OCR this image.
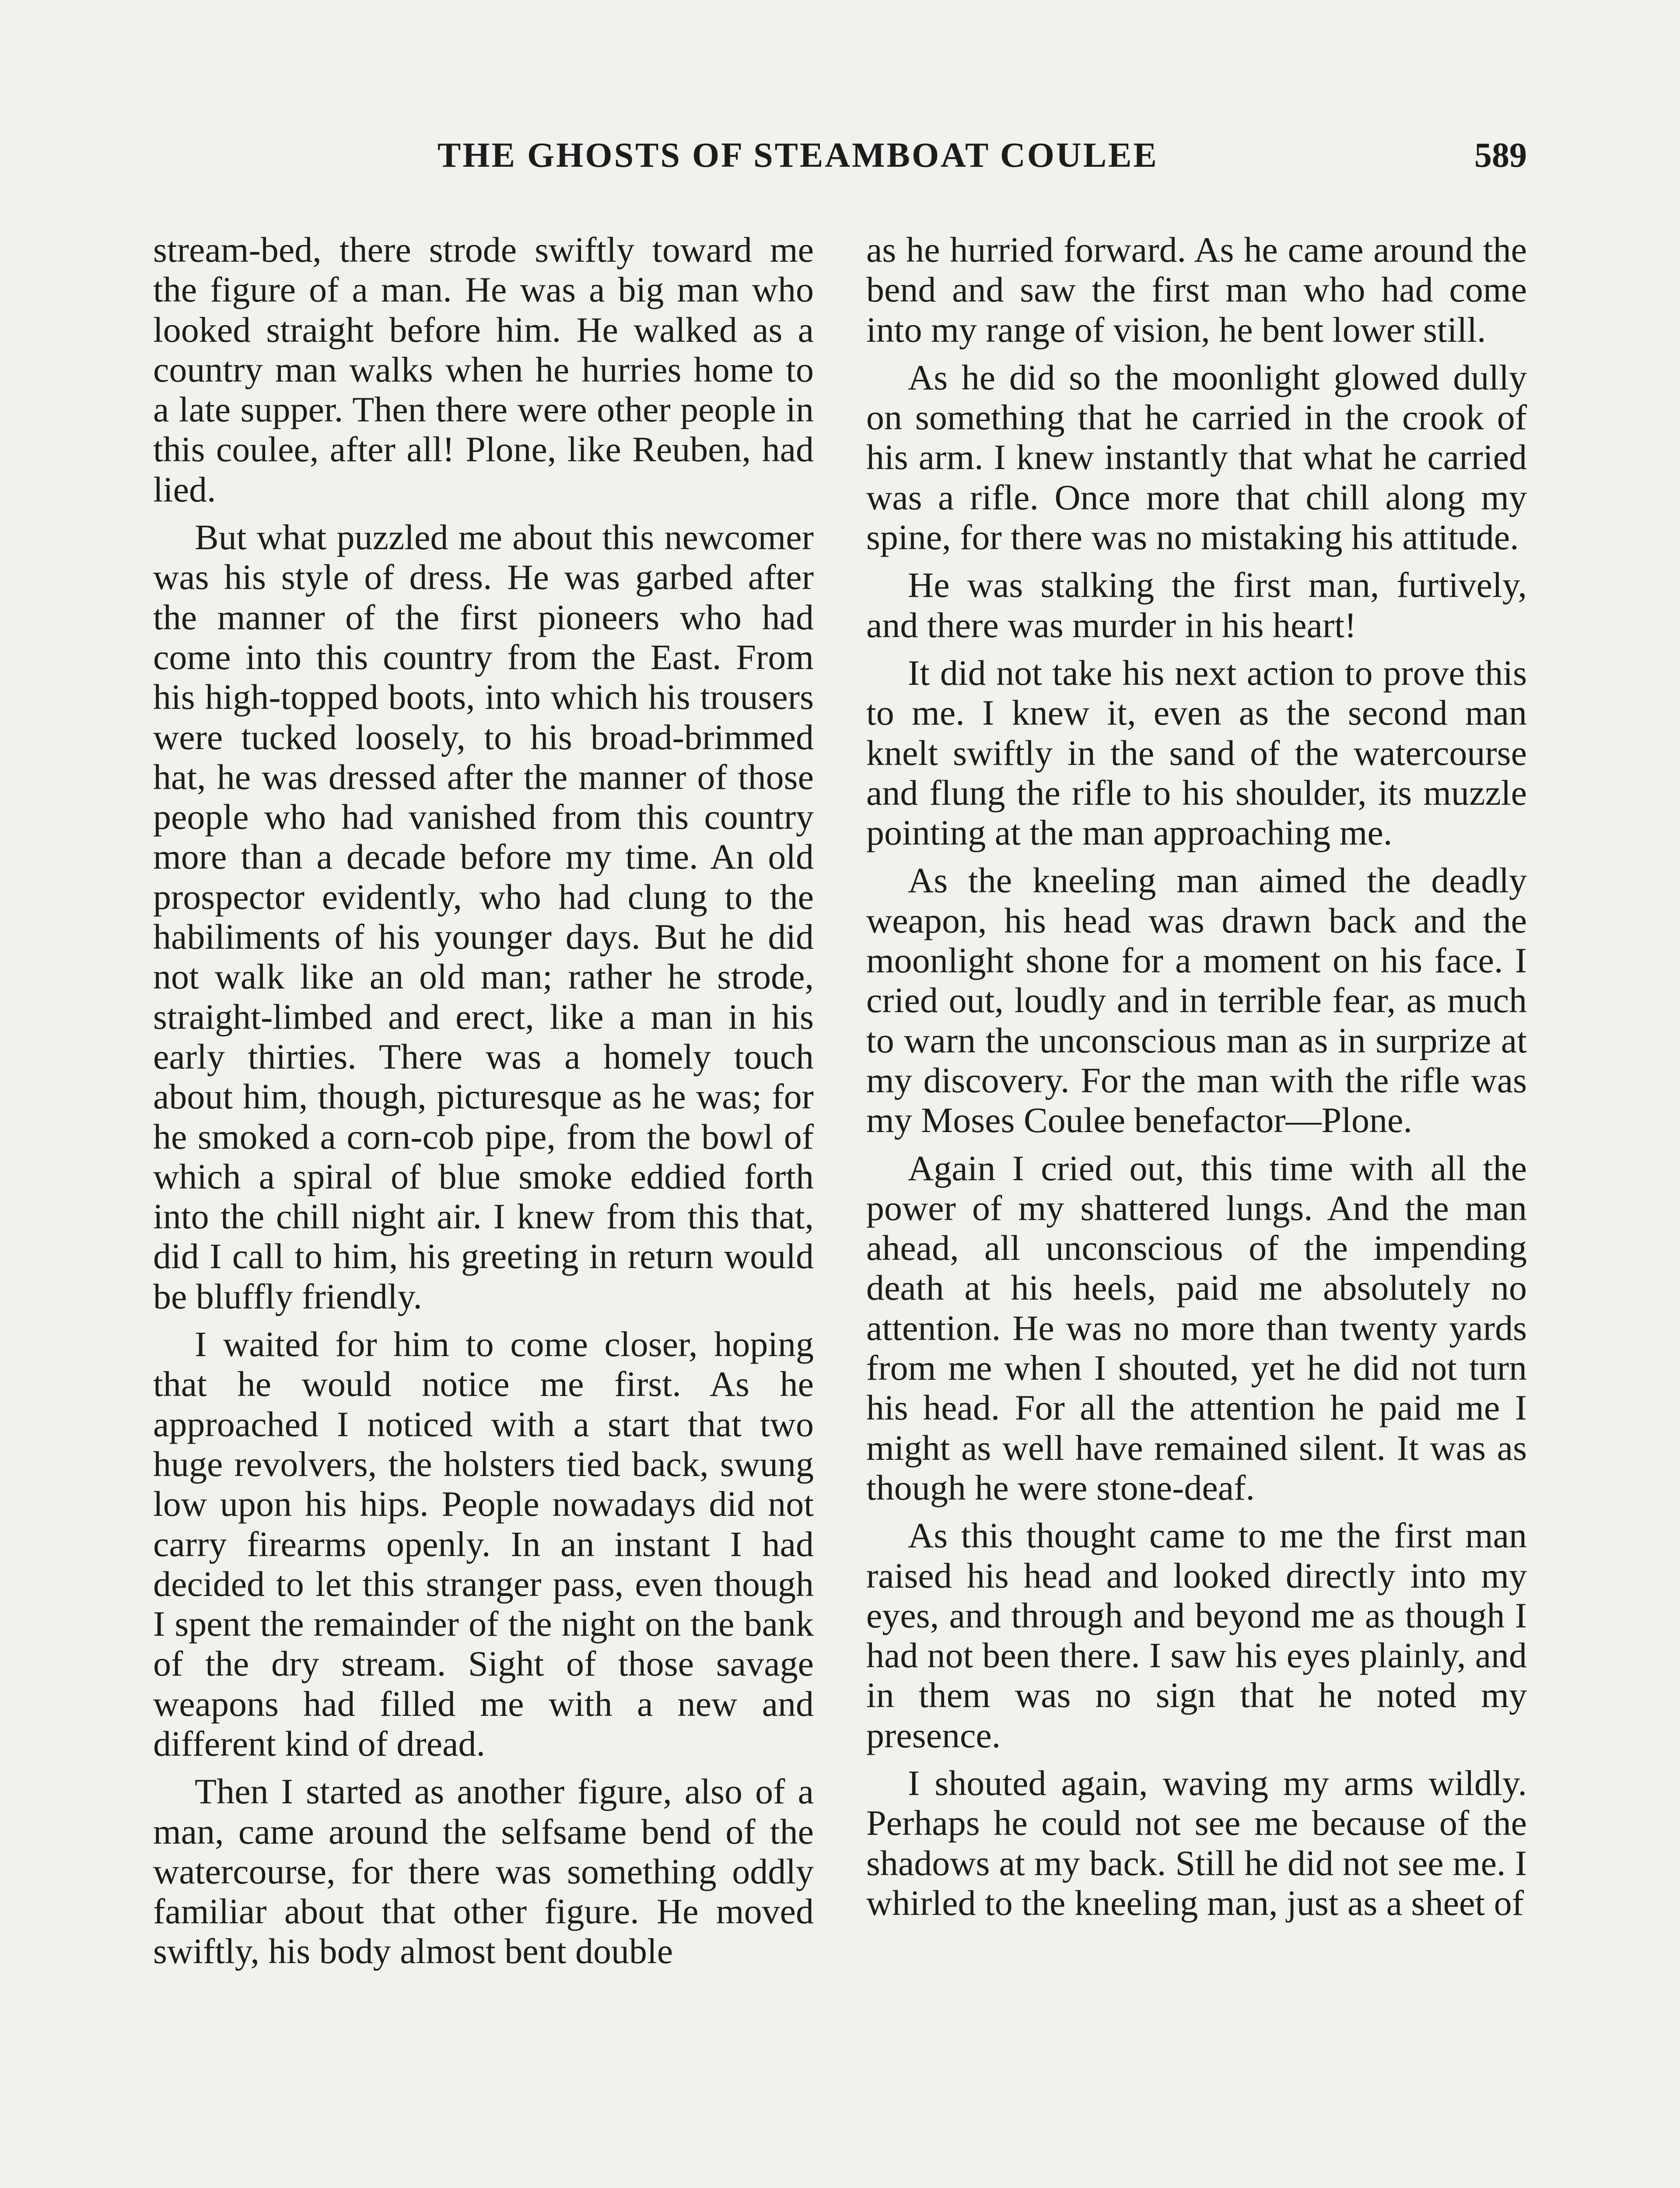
THE GHOSTS OF STEAMBOAT COULEE	589

stream-bed, there strode swiftly toward me the figure of a man. He was a big man who looked straight before him. He walked as a country man walks when he hurries home to a late supper. Then there were other people in this coulee, after all! Plone, like Reuben, had lied.

But what puzzled me about this newcomer was his style of dress. He was garbed after the manner of the first pioneers who had come into this country from the East. From his high-topped boots, into which his trousers were tucked loosely, to his broad-brimmed hat, he was dressed after the manner of those people who had vanished from this country more than a decade before my time. An old prospector evidently, who had clung to the habiliments of his younger days. But he did not walk like an old man; rather he strode, straight-limbed and erect, like a man in his early thirties. There was a homely touch about him, though, picturesque as he was; for he smoked a corn-cob pipe, from the bowl of which a spiral of blue smoke eddied forth into the chill night air. I knew from this that, did I call to him, his greeting in return would be bluffly friendly.

I waited for him to come closer, hoping that he would notice me first. As he approached I noticed with a start that two huge revolvers, the holsters tied back, swung low upon his hips. People nowadays did not carry firearms openly. In an instant I had decided to let this stranger pass, even though I spent the remainder of the night on the bank of the dry stream. Sight of those savage weapons had filled me with a new and different kind of dread.

Then I started as another figure, also of a man, came around the selfsame bend of the watercourse, for there was something oddly familiar about that other figure. He moved swiftly, his body almost bent double

as he hurried forward. As he came around the bend and saw the first man who had come into my range of vision, he bent lower still.

As he did so the moonlight glowed dully on something that he carried in the crook of his arm. I knew instantly that what he carried was a rifle. Once more that chill along my spine, for there was no mistaking his attitude.

He was stalking the first man, furtively, and there was murder in his heart!

It did not take his next action to prove this to me. I knew it, even as the second man knelt swiftly in the sand of the watercourse and flung the rifle to his shoulder, its muzzle pointing at the man approaching me.

As the kneeling man aimed the deadly weapon, his head was drawn back and the moonlight shone for a moment on his face. I cried out, loudly and in terrible fear, as much to warn the unconscious man as in surprize at my discovery. For the man with the rifle was my Moses Coulee benefactor—Plone.

Again I cried out, this time with all the power of my shattered lungs. And the man ahead, all unconscious of the impending death at his heels, paid me absolutely no attention. He was no more than twenty yards from me when I shouted, yet he did not turn his head. For all the attention he paid me I might as well have remained silent. It was as though he were stone-deaf.

As this thought came to me the first man raised his head and looked directly into my eyes, and through and beyond me as though I had not been there. I saw his eyes plainly, and in them was no sign that he noted my presence.

I shouted again, waving my arms wildly. Perhaps he could not see me because of the shadows at my back. Still he did not see me. I whirled to the kneeling man, just as a sheet of
